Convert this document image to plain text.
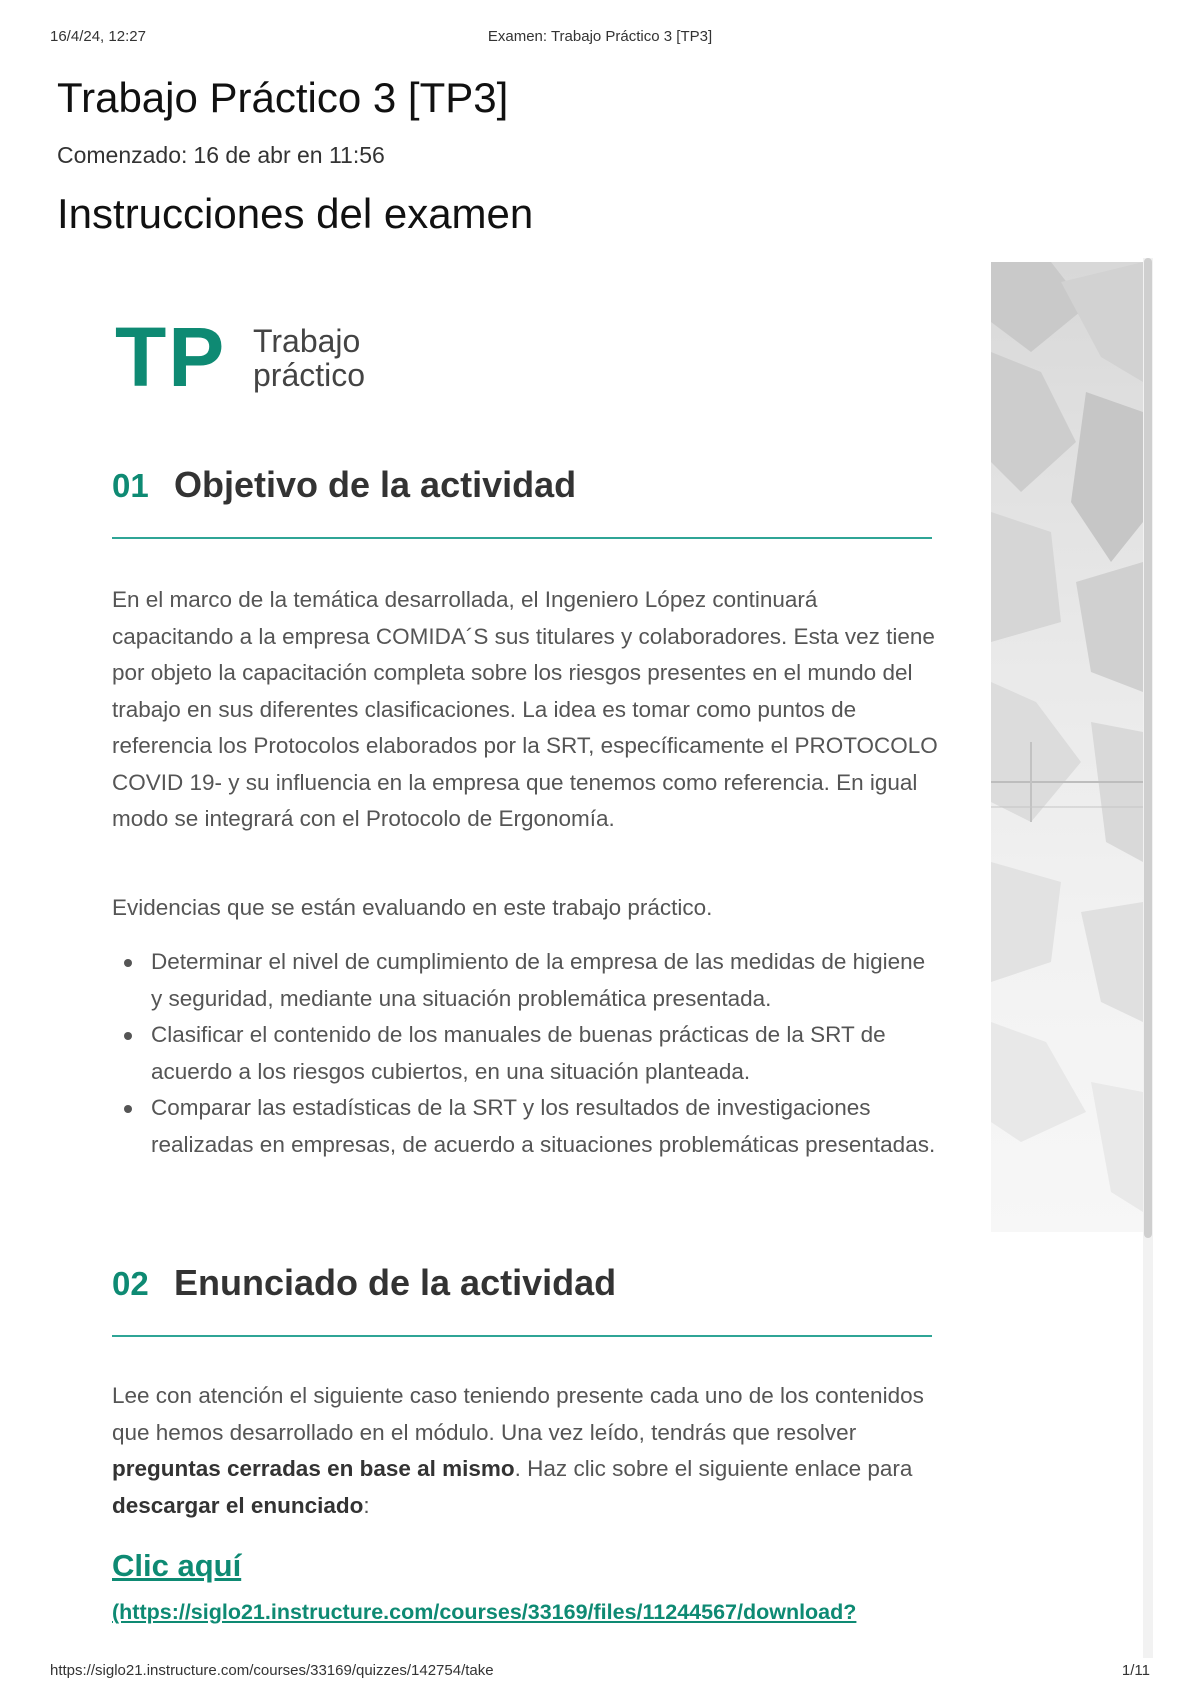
16/4/24, 12:27	Examen: Trabajo Práctico 3 [TP3]
Trabajo Práctico 3 [TP3]
Comenzado: 16 de abr en 11:56
Instrucciones del examen
TP Trabajo
práctico
01 Objetivo de la actividad

En el marco de la temática desarrollada, el Ingeniero López continuará capacitando a la empresa COMIDA´S sus titulares y colaboradores. Esta vez tiene por objeto la capacitación completa sobre los riesgos presentes en el mundo del trabajo en sus diferentes clasificaciones. La idea es tomar como puntos de referencia los Protocolos elaborados por la SRT, específicamente el PROTOCOLO COVID 19- y su influencia en la empresa que tenemos como referencia. En igual modo se integrará con el Protocolo de Ergonomía.

Evidencias que se están evaluando en este trabajo práctico.

Determinar el nivel de cumplimiento de la empresa de las medidas de higiene y seguridad, mediante una situación problemática presentada.
Clasificar el contenido de los manuales de buenas prácticas de la SRT de acuerdo a los riesgos cubiertos, en una situación planteada.
Comparar las estadísticas de la SRT y los resultados de investigaciones realizadas en empresas, de acuerdo a situaciones problemáticas presentadas.
02 Enunciado de la actividad

Lee con atención el siguiente caso teniendo presente cada uno de los contenidos que hemos desarrollado en el módulo. Una vez leído, tendrás que resolver preguntas cerradas en base al mismo. Haz clic sobre el siguiente enlace para descargar el enunciado:

Clic aquí
(https://siglo21.instructure.com/courses/33169/files/11244567/download?
https://siglo21.instructure.com/courses/33169/quizzes/142754/take	1/11
